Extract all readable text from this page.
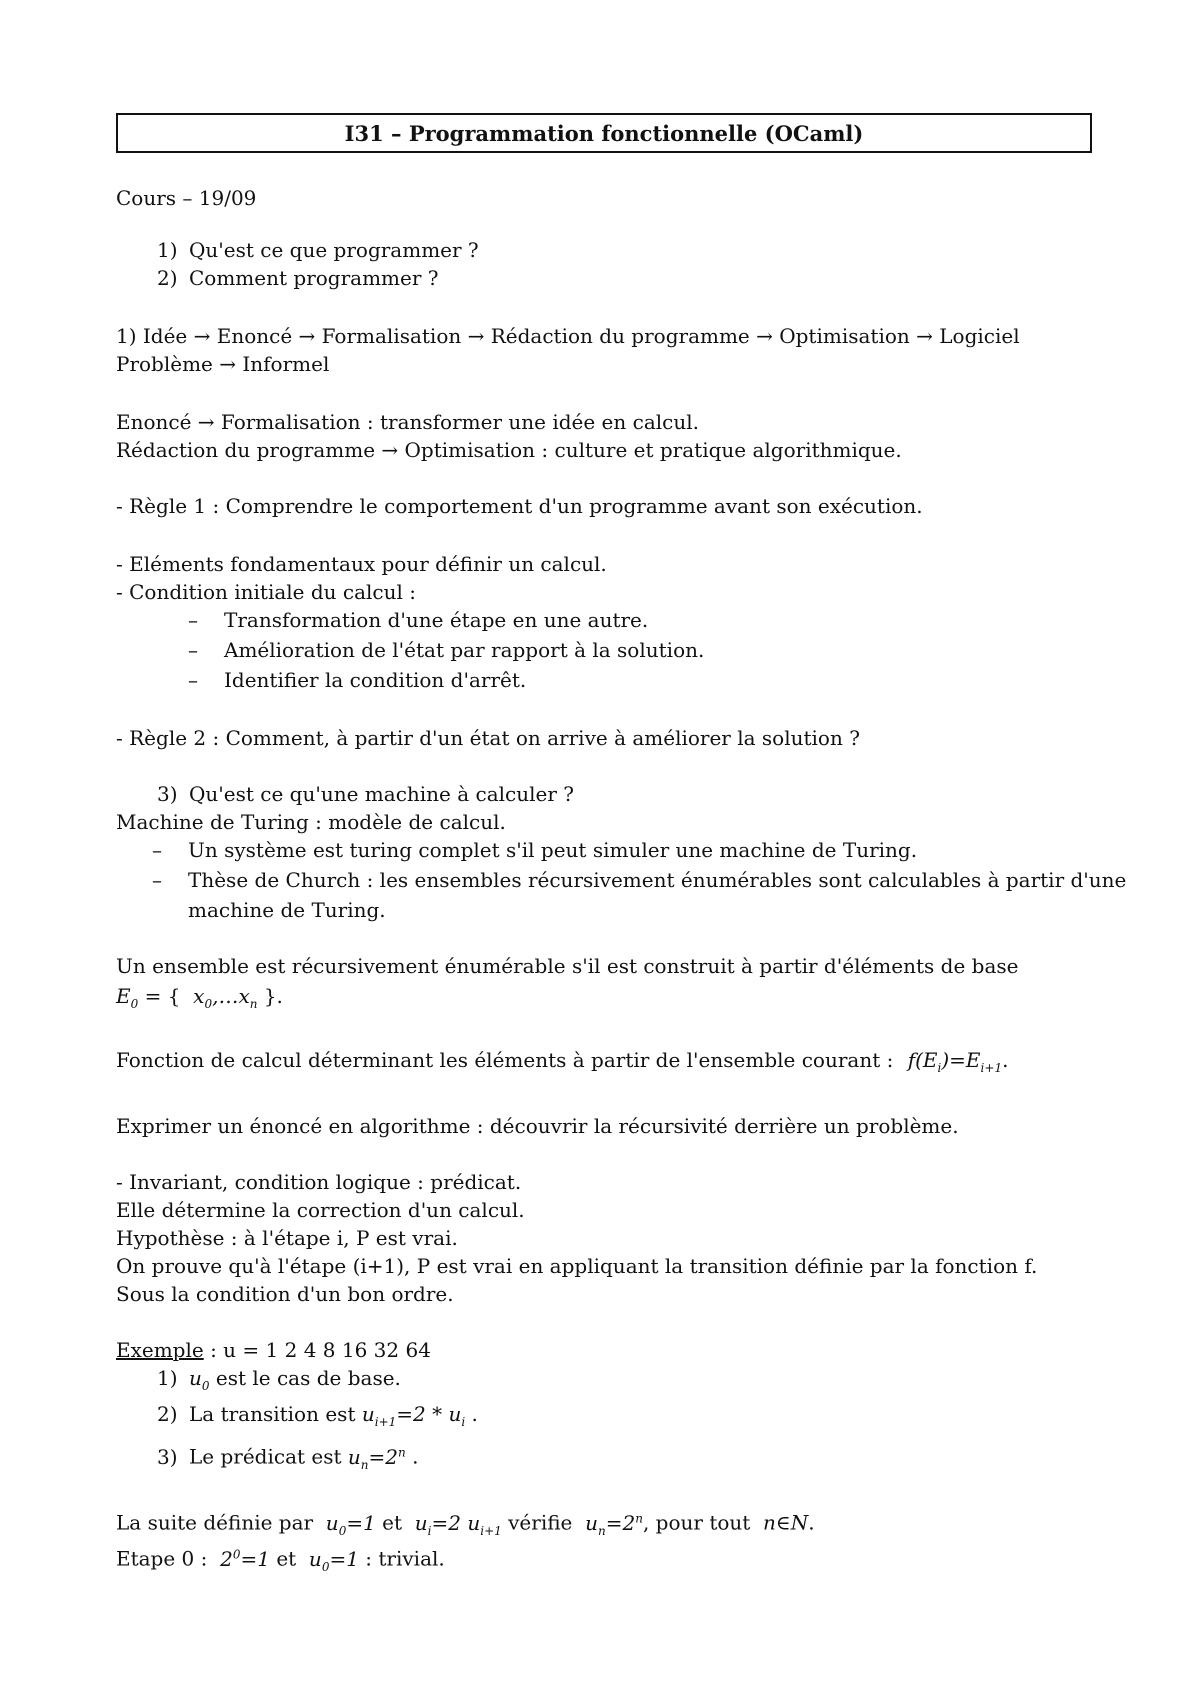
I31 – Programmation fonctionnelle (OCaml)
Cours – 19/09
1) Qu'est ce que programmer ?
2) Comment programmer ?
1) Idée → Enoncé → Formalisation → Rédaction du programme → Optimisation → Logiciel
Problème → Informel
Enoncé → Formalisation : transformer une idée en calcul.
Rédaction du programme → Optimisation : culture et pratique algorithmique.
- Règle 1 : Comprendre le comportement d'un programme avant son exécution.
- Eléments fondamentaux pour définir un calcul.
- Condition initiale du calcul :
– Transformation d'une étape en une autre.
– Amélioration de l'état par rapport à la solution.
– Identifier la condition d'arrêt.
- Règle 2 : Comment, à partir d'un état on arrive à améliorer la solution ?
3) Qu'est ce qu'une machine à calculer ?
Machine de Turing : modèle de calcul.
– Un système est turing complet s'il peut simuler une machine de Turing.
– Thèse de Church : les ensembles récursivement énumérables sont calculables à partir d'une
machine de Turing.
Un ensemble est récursivement énumérable s'il est construit à partir d'éléments de base
$E_0$ = {  $x_0,\dots x_n$ }.
Fonction de calcul déterminant les éléments à partir de l'ensemble courant : $f(E_i)=E_{i+1}$.
Exprimer un énoncé en algorithme : découvrir la récursivité derrière un problème.
- Invariant, condition logique : prédicat.
Elle détermine la correction d'un calcul.
Hypothèse : à l'étape i, P est vrai.
On prouve qu'à l'étape (i+1), P est vrai en appliquant la transition définie par la fonction f.
Sous la condition d'un bon ordre.
Exemple : u = 1 2 4 8 16 32 64
1) $u_0$ est le cas de base.
2) La transition est $u_{i+1}=2 * u_i$ .
3) Le prédicat est $u_n=2^n$ .
La suite définie par  $u_0=1$ et  $u_i=2$ $u_{i+1}$ vérifie  $u_n=2^n$, pour tout  n∈N.
Etape 0 :  $2^0=1$ et  $u_0=1$ : trivial.
